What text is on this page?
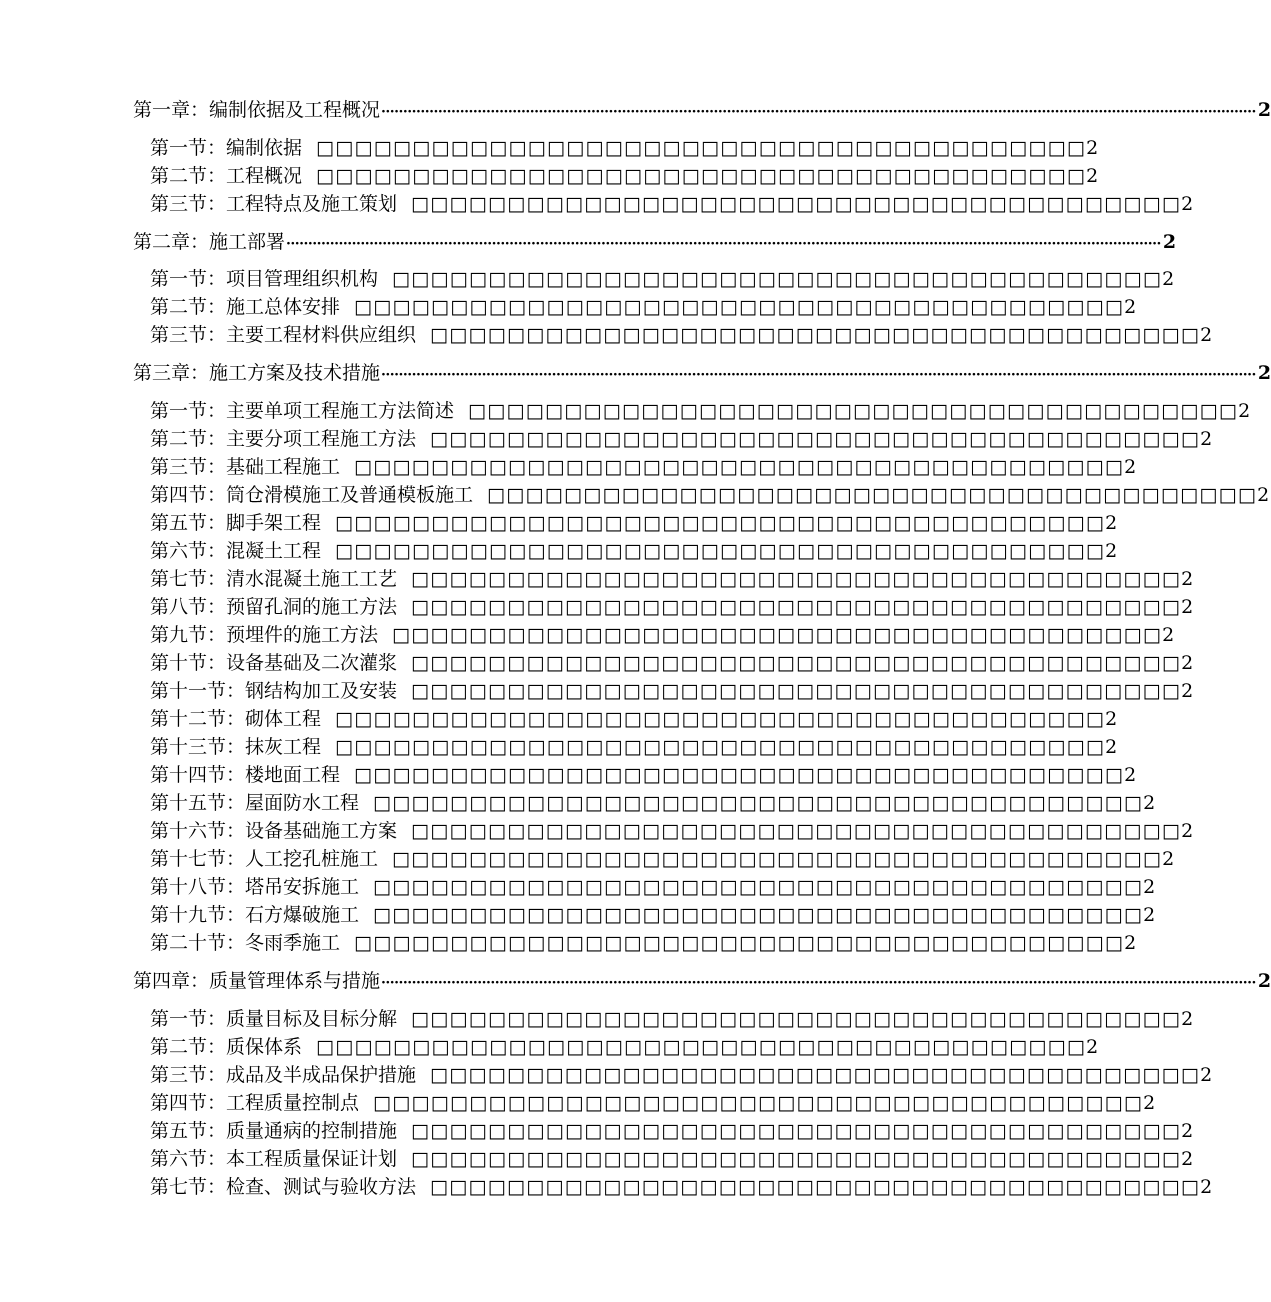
第一章：编制依据及工程概况 ········································································································································································································ 2
第一节：编制依据 □□□□□□□□□□□□□□□□□□□□□□□□□□□□□□□□□□□□□□□□ 2
第二节：工程概况 □□□□□□□□□□□□□□□□□□□□□□□□□□□□□□□□□□□□□□□□ 2
第三节：工程特点及施工策划 □□□□□□□□□□□□□□□□□□□□□□□□□□□□□□□□□□□□□□□□ 2
第二章：施工部署 ········································································································································································································ 2
第一节：项目管理组织机构 □□□□□□□□□□□□□□□□□□□□□□□□□□□□□□□□□□□□□□□□ 2
第二节：施工总体安排 □□□□□□□□□□□□□□□□□□□□□□□□□□□□□□□□□□□□□□□□ 2
第三节：主要工程材料供应组织 □□□□□□□□□□□□□□□□□□□□□□□□□□□□□□□□□□□□□□□□ 2
第三章：施工方案及技术措施 ········································································································································································································ 2
第一节：主要单项工程施工方法简述 □□□□□□□□□□□□□□□□□□□□□□□□□□□□□□□□□□□□□□□□ 2
第二节：主要分项工程施工方法 □□□□□□□□□□□□□□□□□□□□□□□□□□□□□□□□□□□□□□□□ 2
第三节：基础工程施工 □□□□□□□□□□□□□□□□□□□□□□□□□□□□□□□□□□□□□□□□ 2
第四节：筒仓滑模施工及普通模板施工 □□□□□□□□□□□□□□□□□□□□□□□□□□□□□□□□□□□□□□□□ 2
第五节：脚手架工程 □□□□□□□□□□□□□□□□□□□□□□□□□□□□□□□□□□□□□□□□ 2
第六节：混凝土工程 □□□□□□□□□□□□□□□□□□□□□□□□□□□□□□□□□□□□□□□□ 2
第七节：清水混凝土施工工艺 □□□□□□□□□□□□□□□□□□□□□□□□□□□□□□□□□□□□□□□□ 2
第八节：预留孔洞的施工方法 □□□□□□□□□□□□□□□□□□□□□□□□□□□□□□□□□□□□□□□□ 2
第九节：预埋件的施工方法 □□□□□□□□□□□□□□□□□□□□□□□□□□□□□□□□□□□□□□□□ 2
第十节：设备基础及二次灌浆 □□□□□□□□□□□□□□□□□□□□□□□□□□□□□□□□□□□□□□□□ 2
第十一节：钢结构加工及安装 □□□□□□□□□□□□□□□□□□□□□□□□□□□□□□□□□□□□□□□□ 2
第十二节：砌体工程 □□□□□□□□□□□□□□□□□□□□□□□□□□□□□□□□□□□□□□□□ 2
第十三节：抹灰工程 □□□□□□□□□□□□□□□□□□□□□□□□□□□□□□□□□□□□□□□□ 2
第十四节：楼地面工程 □□□□□□□□□□□□□□□□□□□□□□□□□□□□□□□□□□□□□□□□ 2
第十五节：屋面防水工程 □□□□□□□□□□□□□□□□□□□□□□□□□□□□□□□□□□□□□□□□ 2
第十六节：设备基础施工方案 □□□□□□□□□□□□□□□□□□□□□□□□□□□□□□□□□□□□□□□□ 2
第十七节：人工挖孔桩施工 □□□□□□□□□□□□□□□□□□□□□□□□□□□□□□□□□□□□□□□□ 2
第十八节：塔吊安拆施工 □□□□□□□□□□□□□□□□□□□□□□□□□□□□□□□□□□□□□□□□ 2
第十九节：石方爆破施工 □□□□□□□□□□□□□□□□□□□□□□□□□□□□□□□□□□□□□□□□ 2
第二十节：冬雨季施工 □□□□□□□□□□□□□□□□□□□□□□□□□□□□□□□□□□□□□□□□ 2
第四章：质量管理体系与措施 ········································································································································································································ 2
第一节：质量目标及目标分解 □□□□□□□□□□□□□□□□□□□□□□□□□□□□□□□□□□□□□□□□ 2
第二节：质保体系 □□□□□□□□□□□□□□□□□□□□□□□□□□□□□□□□□□□□□□□□ 2
第三节：成品及半成品保护措施 □□□□□□□□□□□□□□□□□□□□□□□□□□□□□□□□□□□□□□□□ 2
第四节：工程质量控制点 □□□□□□□□□□□□□□□□□□□□□□□□□□□□□□□□□□□□□□□□ 2
第五节：质量通病的控制措施 □□□□□□□□□□□□□□□□□□□□□□□□□□□□□□□□□□□□□□□□ 2
第六节：本工程质量保证计划 □□□□□□□□□□□□□□□□□□□□□□□□□□□□□□□□□□□□□□□□ 2
第七节：检查、测试与验收方法 □□□□□□□□□□□□□□□□□□□□□□□□□□□□□□□□□□□□□□□□ 2
